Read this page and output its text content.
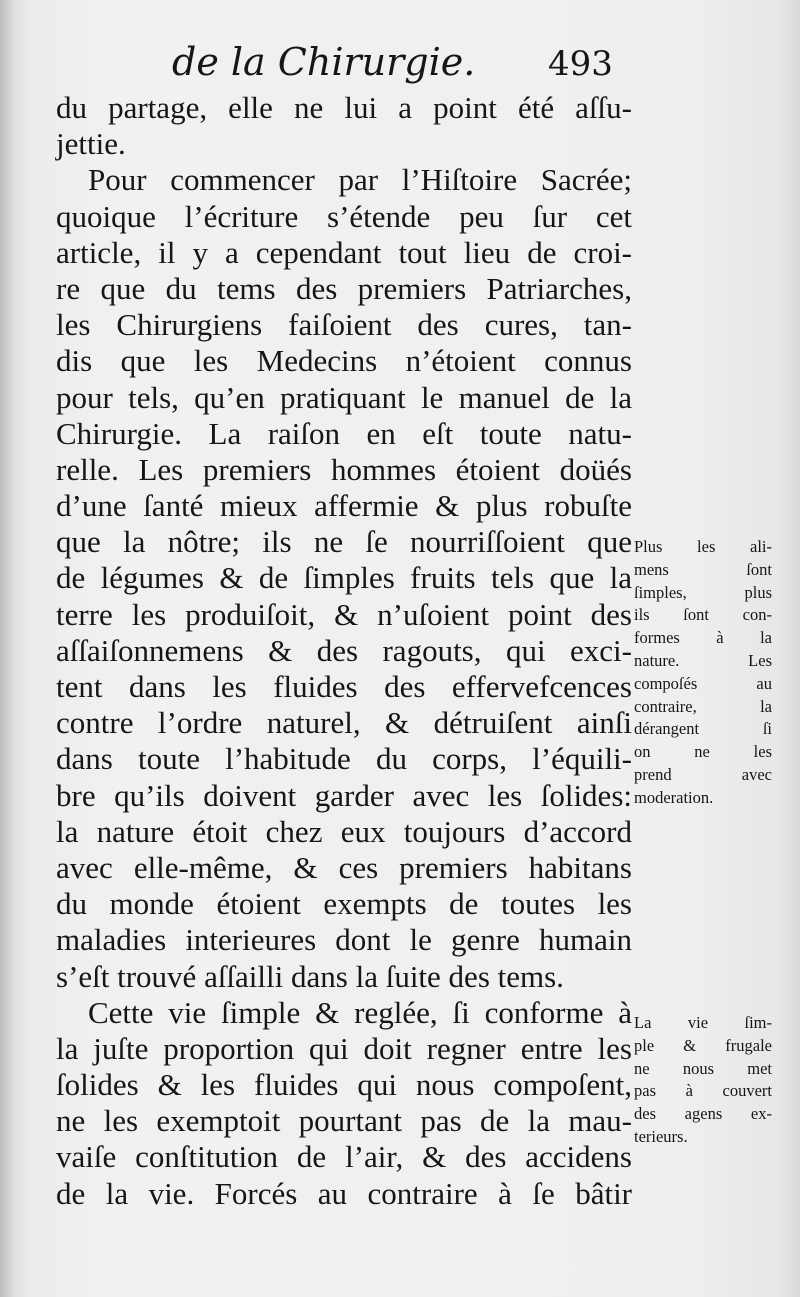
de la Chirurgie. 493
du partage, elle ne lui a point été aſſu-
jettie.
Pour commencer par l’Hiſtoire Sacrée;
quoique l’écriture s’étende peu ſur cet
article, il y a cependant tout lieu de croi-
re que du tems des premiers Patriarches,
les Chirurgiens faiſoient des cures, tan-
dis que les Medecins n’étoient connus
pour tels, qu’en pratiquant le manuel de la
Chirurgie. La raiſon en eſt toute natu-
relle. Les premiers hommes étoient doüés
d’une ſanté mieux affermie & plus robuſte
que la nôtre; ils ne ſe nourriſſoient que
de légumes & de ſimples fruits tels que la
terre les produiſoit, & n’uſoient point des
aſſaiſonnemens & des ragouts, qui exci-
tent dans les fluides des effervefcences
contre l’ordre naturel, & détruiſent ainſi
dans toute l’habitude du corps, l’équili-
bre qu’ils doivent garder avec les ſolides:
la nature étoit chez eux toujours d’accord
avec elle-même, & ces premiers habitans
du monde étoient exempts de toutes les
maladies interieures dont le genre humain
s’eſt trouvé aſſailli dans la ſuite des tems.
Cette vie ſimple & reglée, ſi conforme à
la juſte proportion qui doit regner entre les
ſolides & les fluides qui nous compoſent,
ne les exemptoit pourtant pas de la mau-
vaiſe conſtitution de l’air, & des accidens
de la vie. Forcés au contraire à ſe bâtir
Plus les ali-
mens ſont
ſimples, plus
ils ſont con-
formes à la
nature. Les
compoſés au
contraire, la
dérangent ſi
on ne les
prend avec
moderation.
La vie ſim-
ple & frugale
ne nous met
pas à couvert
des agens ex-
terieurs.
